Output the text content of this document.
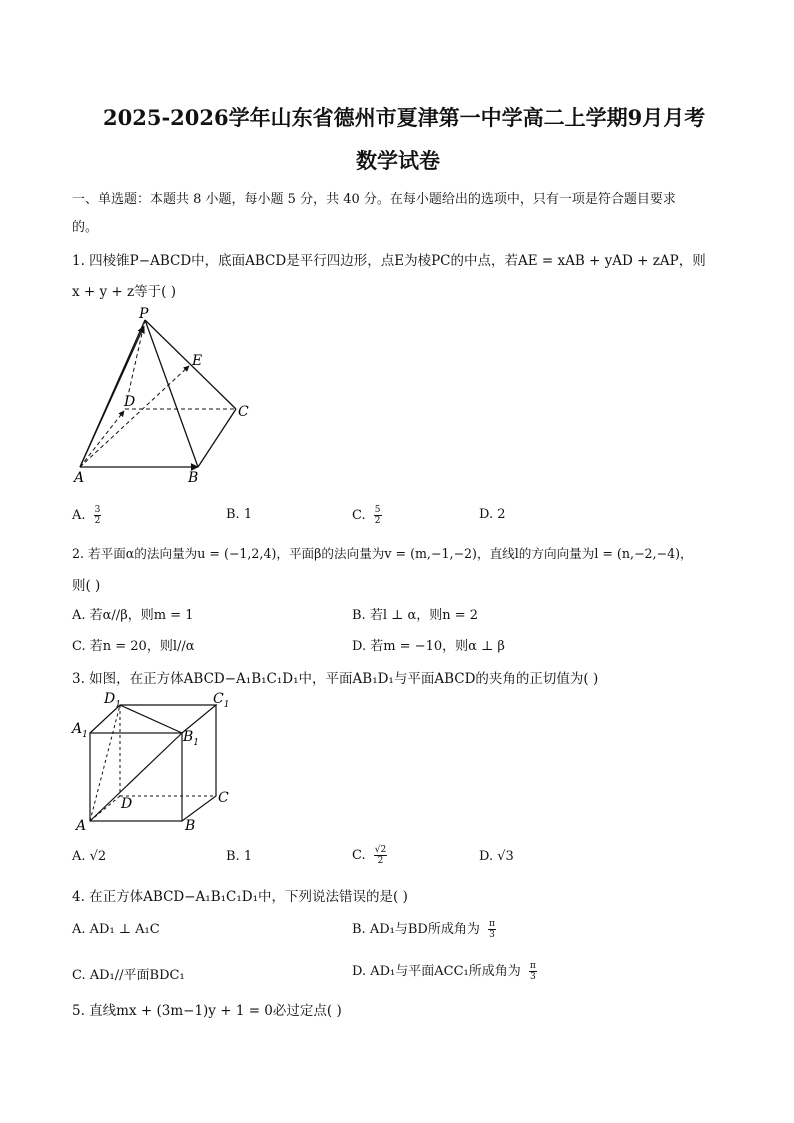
2025-2026学年山东省德州市夏津第一中学高二上学期9月月考
数学试卷
一、单选题：本题共 8 小题，每小题 5 分，共 40 分。在每小题给出的选项中，只有一项是符合题目要求
的。
1. 四棱锥P−ABCD中，底面ABCD是平行四边形，点E为棱PC的中点，若AE = xAB + yAD + zAP，则
x + y + z等于( )
P
A	B
C
D
E
A. $\frac{3}{2}$	B. 1	C. $\frac{5}{2}$	D. 2
2. 若平面α的法向量为u = (−1,2,4)，平面β的法向量为v = (m,−1,−2)，直线l的方向向量为l = (n,−2,−4)，
则( )
A. 若α//β，则m = 1	B. 若l ⊥ α，则n = 2
C. 若n = 20，则l//α	D. 若m = −10，则α ⊥ β
3. 如图，在正方体ABCD−A₁B₁C₁D₁中，平面AB₁D₁与平面ABCD的夹角的正切值为( )
$D_1$	$C_1$
$A_1$	$B_1$
D	C
A	B
A. √2	B. 1	C. $\frac{√2}{2}$	D. √3
4. 在正方体ABCD−A₁B₁C₁D₁中，下列说法错误的是( )
A. AD₁ ⊥ A₁C	B. AD₁与BD所成角为 $\frac{\pi}{3}$
C. AD₁//平面BDC₁	D. AD₁与平面ACC₁所成角为 $\frac{\pi}{3}$
5. 直线mx + (3m−1)y + 1 = 0必过定点( )
